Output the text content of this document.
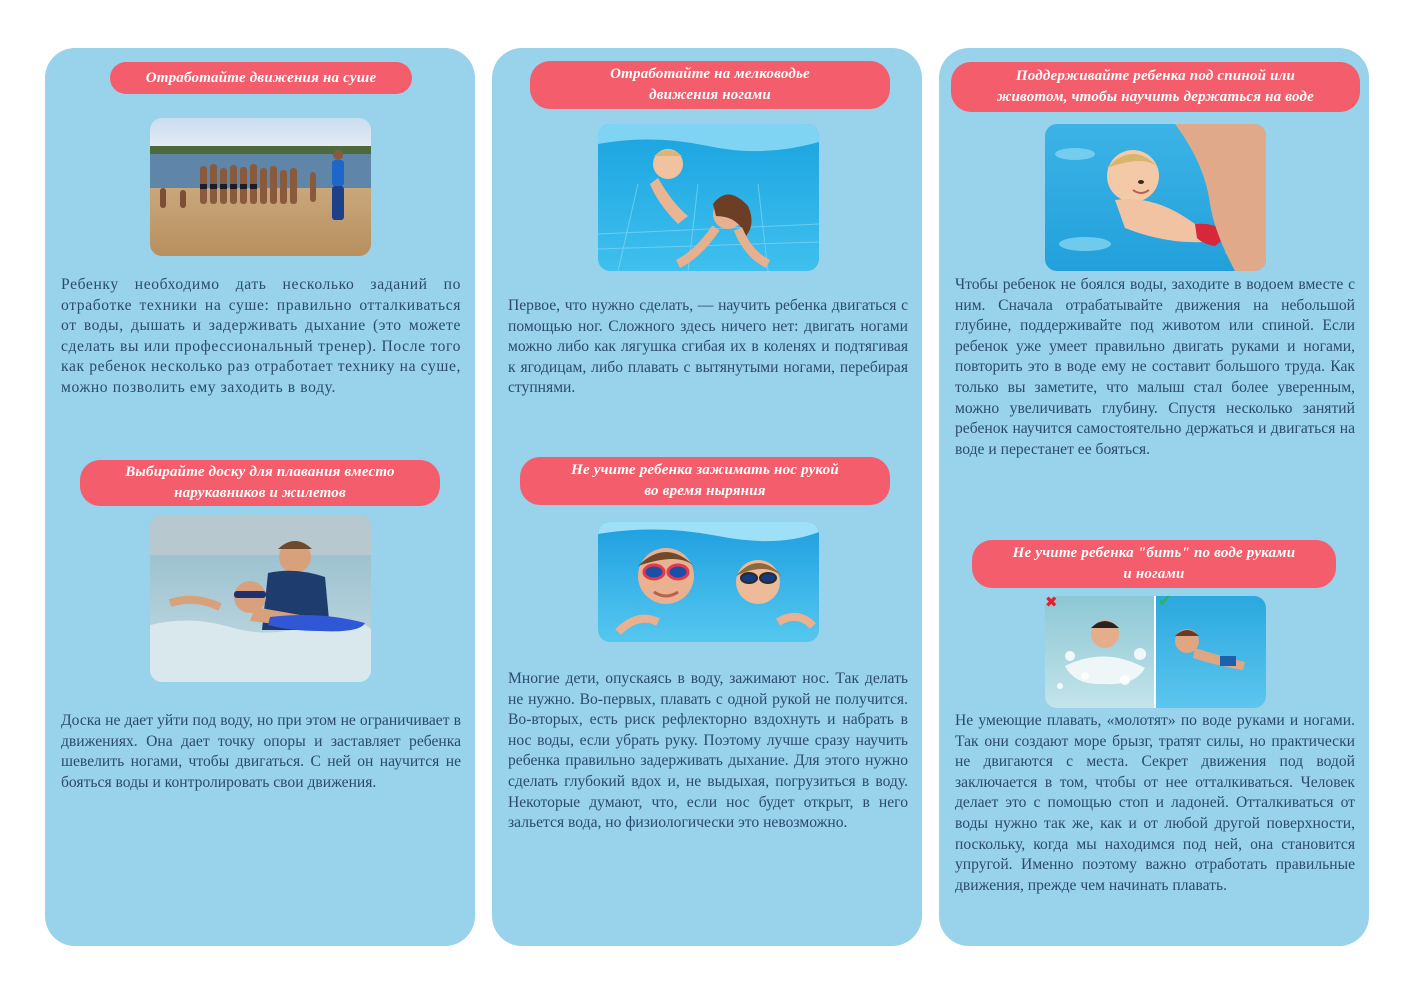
Отработайте движения на суше

Ребенку необходимо дать несколько заданий по отработке техники на суше: правильно отталкиваться от воды, дышать и задерживать дыхание (это можете сделать вы или профессиональный тренер). После того как ребенок несколько раз отработает технику на суше, можно позволить ему заходить в воду.

Выбирайте доску для плавания вместо
нарукавников и жилетов

Доска не дает уйти под воду, но при этом не ограничивает в движениях. Она дает точку опоры и заставляет ребенка шевелить ногами, чтобы двигаться. С ней он научится не бояться воды и контролировать свои движения.

Отработайте на мелководье
движения ногами

Первое, что нужно сделать, — научить ребенка двигаться с помощью ног. Сложного здесь ничего нет: двигать ногами можно либо как лягушка сгибая их в коленях и подтягивая к ягодицам, либо плавать с вытянутыми ногами, перебирая ступнями.

Не учите ребенка зажимать нос рукой
во время ныряния

Многие дети, опускаясь в воду, зажимают нос. Так делать не нужно. Во-первых, плавать с одной рукой не получится. Во-вторых, есть риск рефлекторно вздохнуть и набрать в нос воды, если убрать руку. Поэтому лучше сразу научить ребенка правильно задерживать дыхание. Для этого нужно сделать глубокий вдох и, не выдыхая, погрузиться в воду. Некоторые думают, что, если нос будет открыт, в него зальется вода, но физиологически это невозможно.

Поддерживайте ребенка под спиной или
животом, чтобы научить держаться на воде

Чтобы ребенок не боялся воды, заходите в водоем вместе с ним. Сначала отрабатывайте движения на небольшой глубине, поддерживайте под животом или спиной. Если ребенок уже умеет правильно двигать руками и ногами, повторить это в воде ему не составит большого труда. Как только вы заметите, что малыш стал более уверенным, можно увеличивать глубину. Спустя несколько занятий ребенок научится самостоятельно держаться и двигаться на воде и перестанет ее бояться.

Не учите ребенка "бить" по воде руками
и ногами
✖	✔

Не умеющие плавать, «молотят» по воде руками и ногами. Так они создают море брызг, тратят силы, но практически не двигаются с места. Секрет движения под водой заключается в том, чтобы от нее отталкиваться. Человек делает это с помощью стоп и ладоней. Отталкиваться от воды нужно так же, как и от любой другой поверхности, поскольку, когда мы находимся под ней, она становится упругой. Именно поэтому важно отработать правильные движения, прежде чем начинать плавать.
